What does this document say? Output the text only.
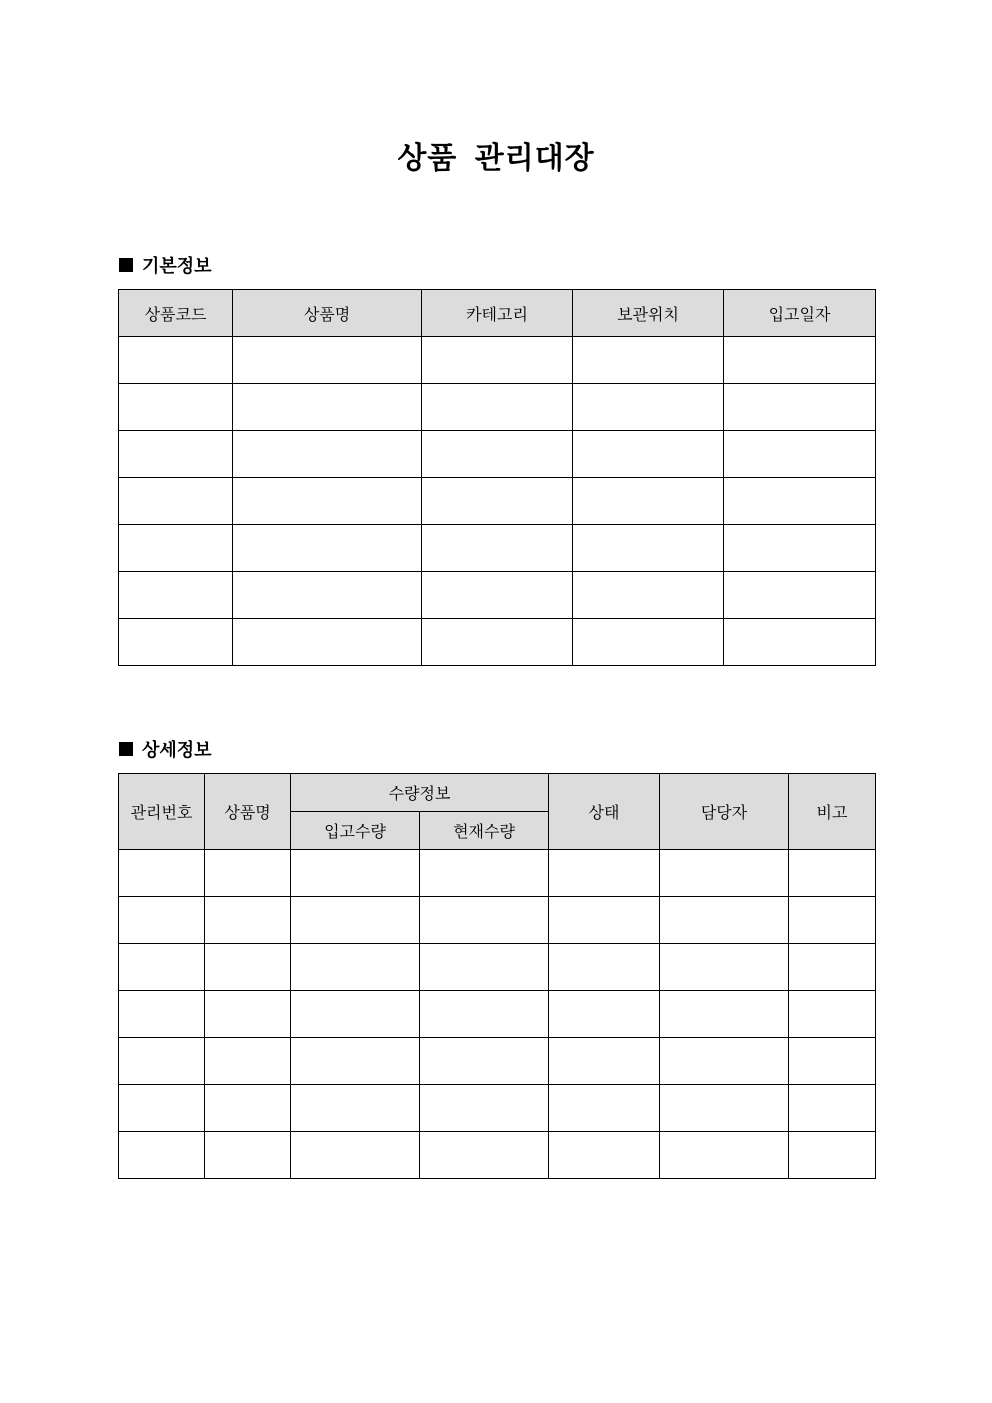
상품 관리대장
기본정보
상품코드	상품명	카테고리	보관위치	입고일자

상세정보
관리번호	상품명	수량정보		상태	담당자	비고
		입고수량	현재수량			
